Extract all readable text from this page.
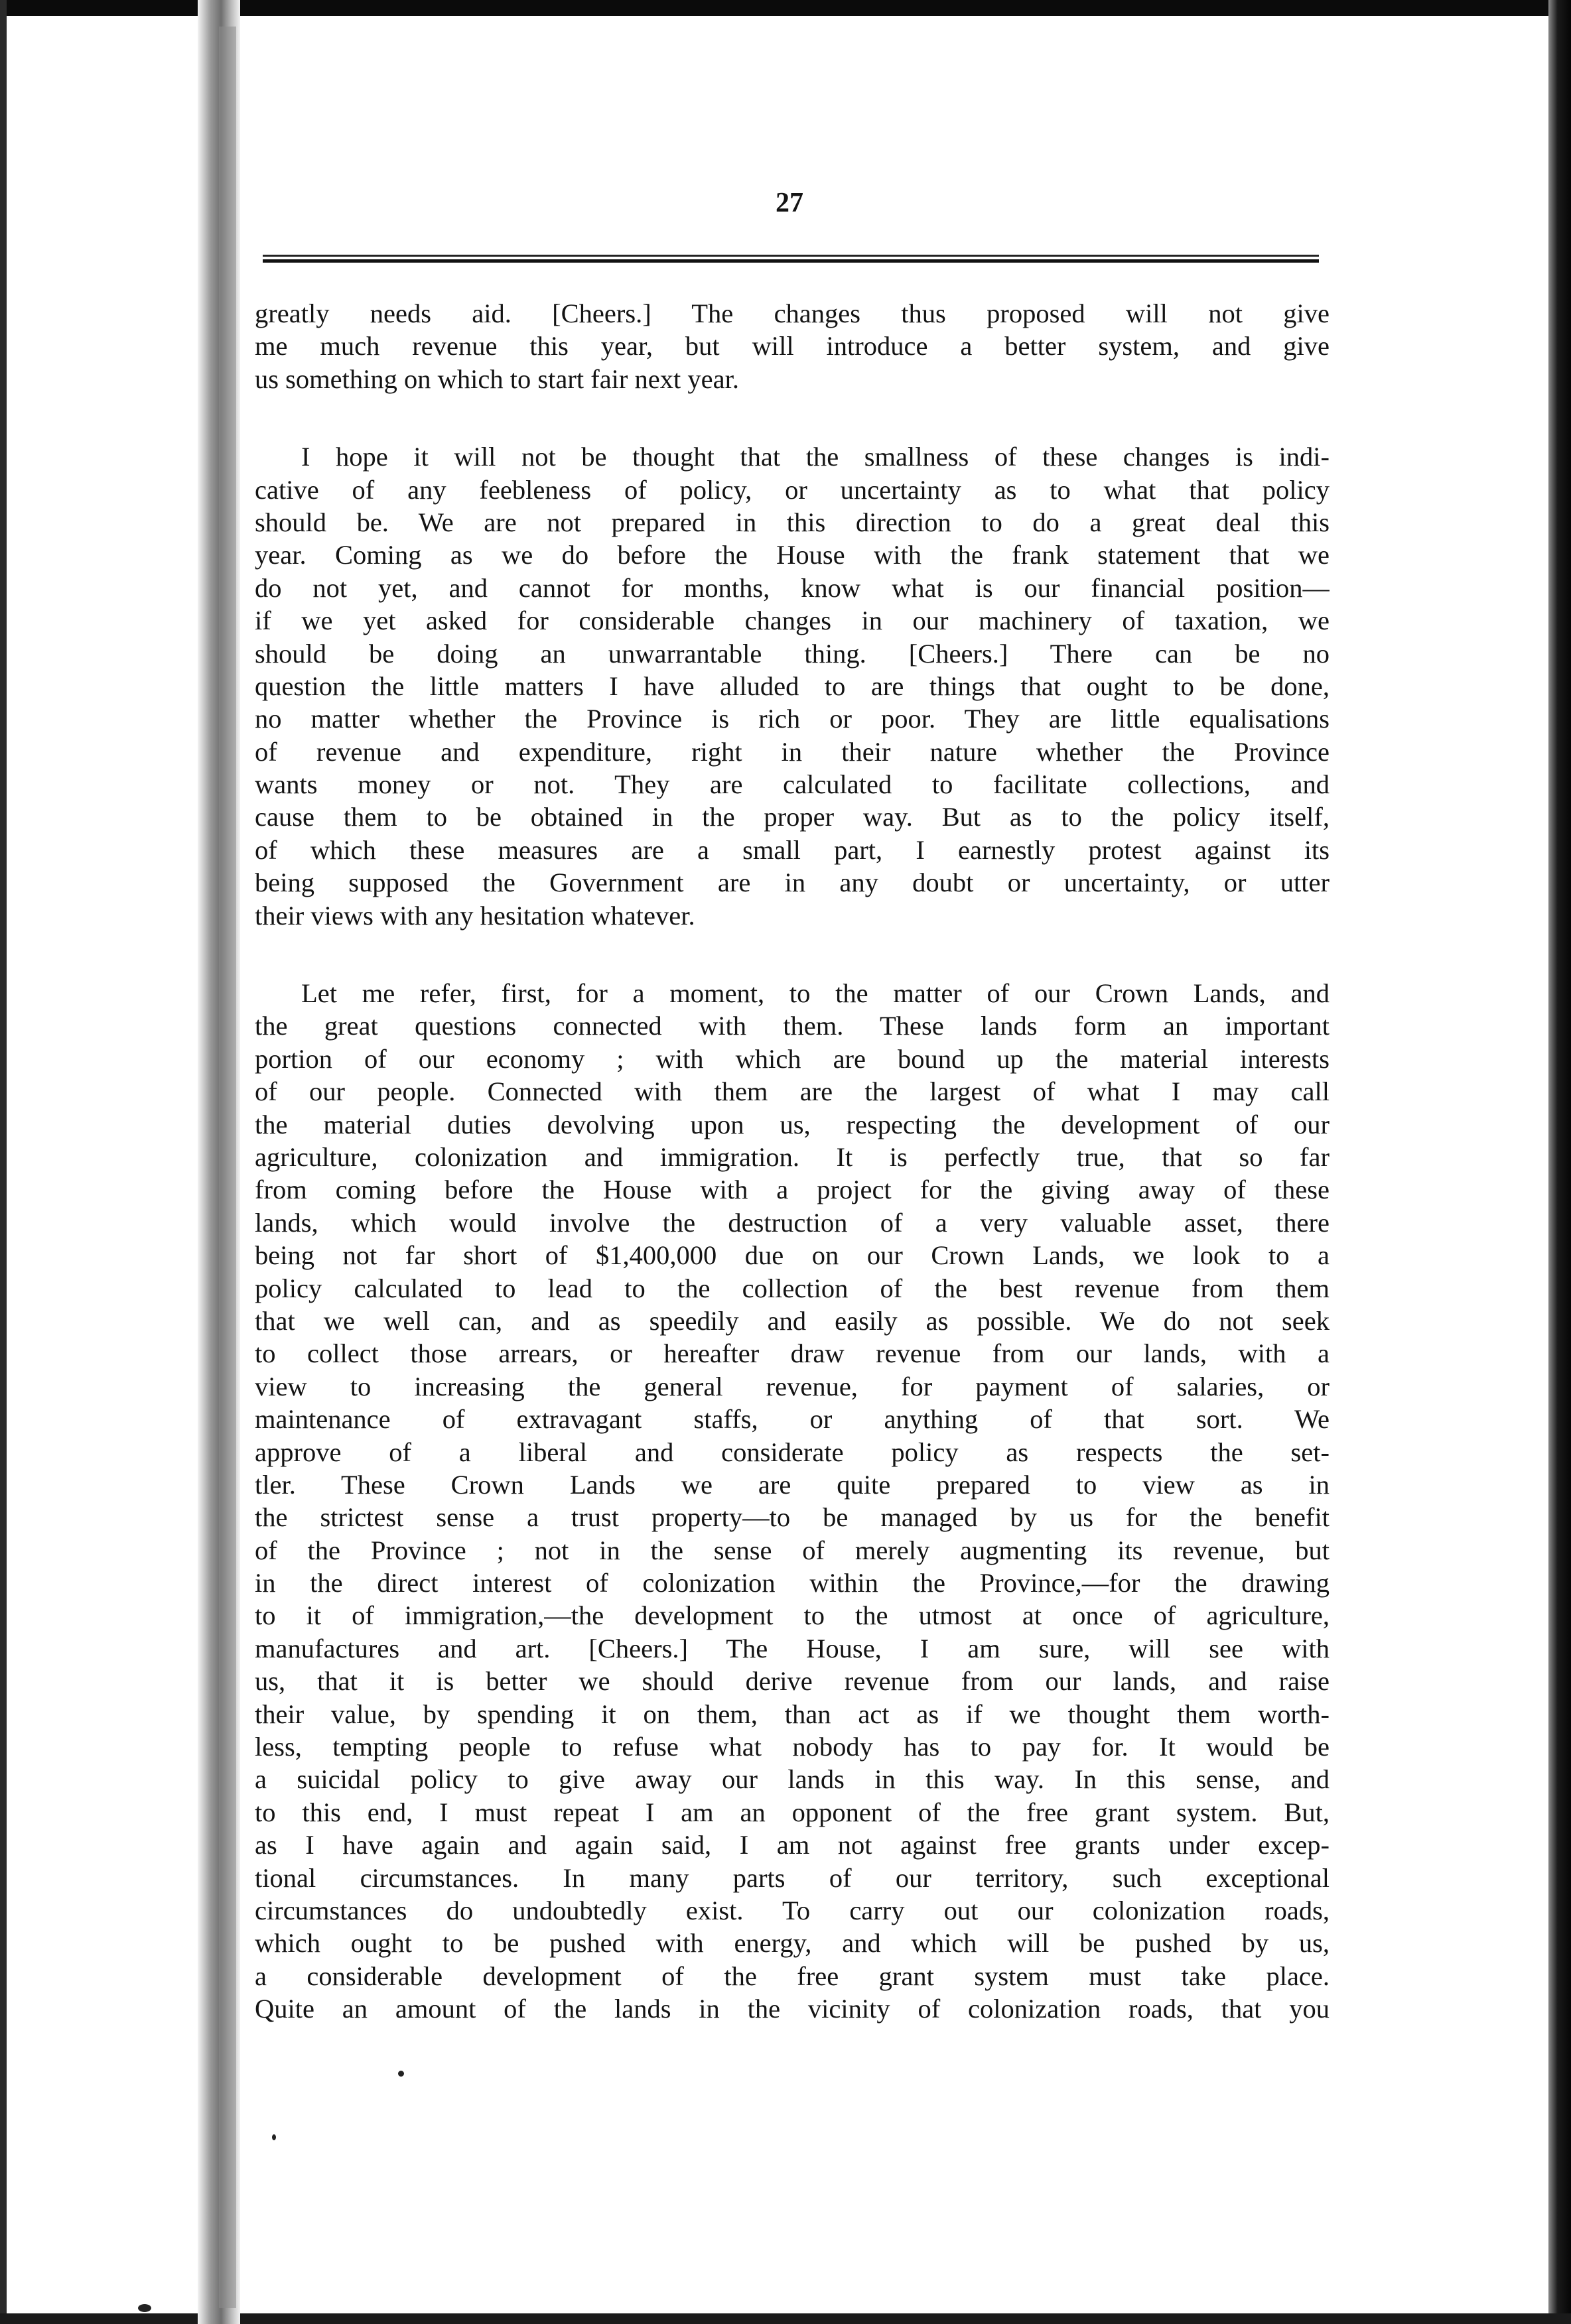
27
greatly needs aid. [Cheers.] The changes thus proposed will not give
me much revenue this year, but will introduce a better system, and give
us something on which to start fair next year.
I hope it will not be thought that the smallness of these changes is indi-
cative of any feebleness of policy, or uncertainty as to what that policy
should be. We are not prepared in this direction to do a great deal this
year. Coming as we do before the House with the frank statement that we
do not yet, and cannot for months, know what is our financial position—
if we yet asked for considerable changes in our machinery of taxation, we
should be doing an unwarrantable thing. [Cheers.] There can be no
question the little matters I have alluded to are things that ought to be done,
no matter whether the Province is rich or poor. They are little equalisations
of revenue and expenditure, right in their nature whether the Province
wants money or not. They are calculated to facilitate collections, and
cause them to be obtained in the proper way. But as to the policy itself,
of which these measures are a small part, I earnestly protest against its
being supposed the Government are in any doubt or uncertainty, or utter
their views with any hesitation whatever.
Let me refer, first, for a moment, to the matter of our Crown Lands, and
the great questions connected with them. These lands form an important
portion of our economy ; with which are bound up the material interests
of our people. Connected with them are the largest of what I may call
the material duties devolving upon us, respecting the development of our
agriculture, colonization and immigration. It is perfectly true, that so far
from coming before the House with a project for the giving away of these
lands, which would involve the destruction of a very valuable asset, there
being not far short of $1,400,000 due on our Crown Lands, we look to a
policy calculated to lead to the collection of the best revenue from them
that we well can, and as speedily and easily as possible. We do not seek
to collect those arrears, or hereafter draw revenue from our lands, with a
view to increasing the general revenue, for payment of salaries, or
maintenance of extravagant staffs, or anything of that sort. We
approve of a liberal and considerate policy as respects the set-
tler. These Crown Lands we are quite prepared to view as in
the strictest sense a trust property—to be managed by us for the benefit
of the Province ; not in the sense of merely augmenting its revenue, but
in the direct interest of colonization within the Province,—for the drawing
to it of immigration,—the development to the utmost at once of agriculture,
manufactures and art. [Cheers.] The House, I am sure, will see with
us, that it is better we should derive revenue from our lands, and raise
their value, by spending it on them, than act as if we thought them worth-
less, tempting people to refuse what nobody has to pay for. It would be
a suicidal policy to give away our lands in this way. In this sense, and
to this end, I must repeat I am an opponent of the free grant system. But,
as I have again and again said, I am not against free grants under excep-
tional circumstances. In many parts of our territory, such exceptional
circumstances do undoubtedly exist. To carry out our colonization roads,
which ought to be pushed with energy, and which will be pushed by us,
a considerable development of the free grant system must take place.
Quite an amount of the lands in the vicinity of colonization roads, that you
